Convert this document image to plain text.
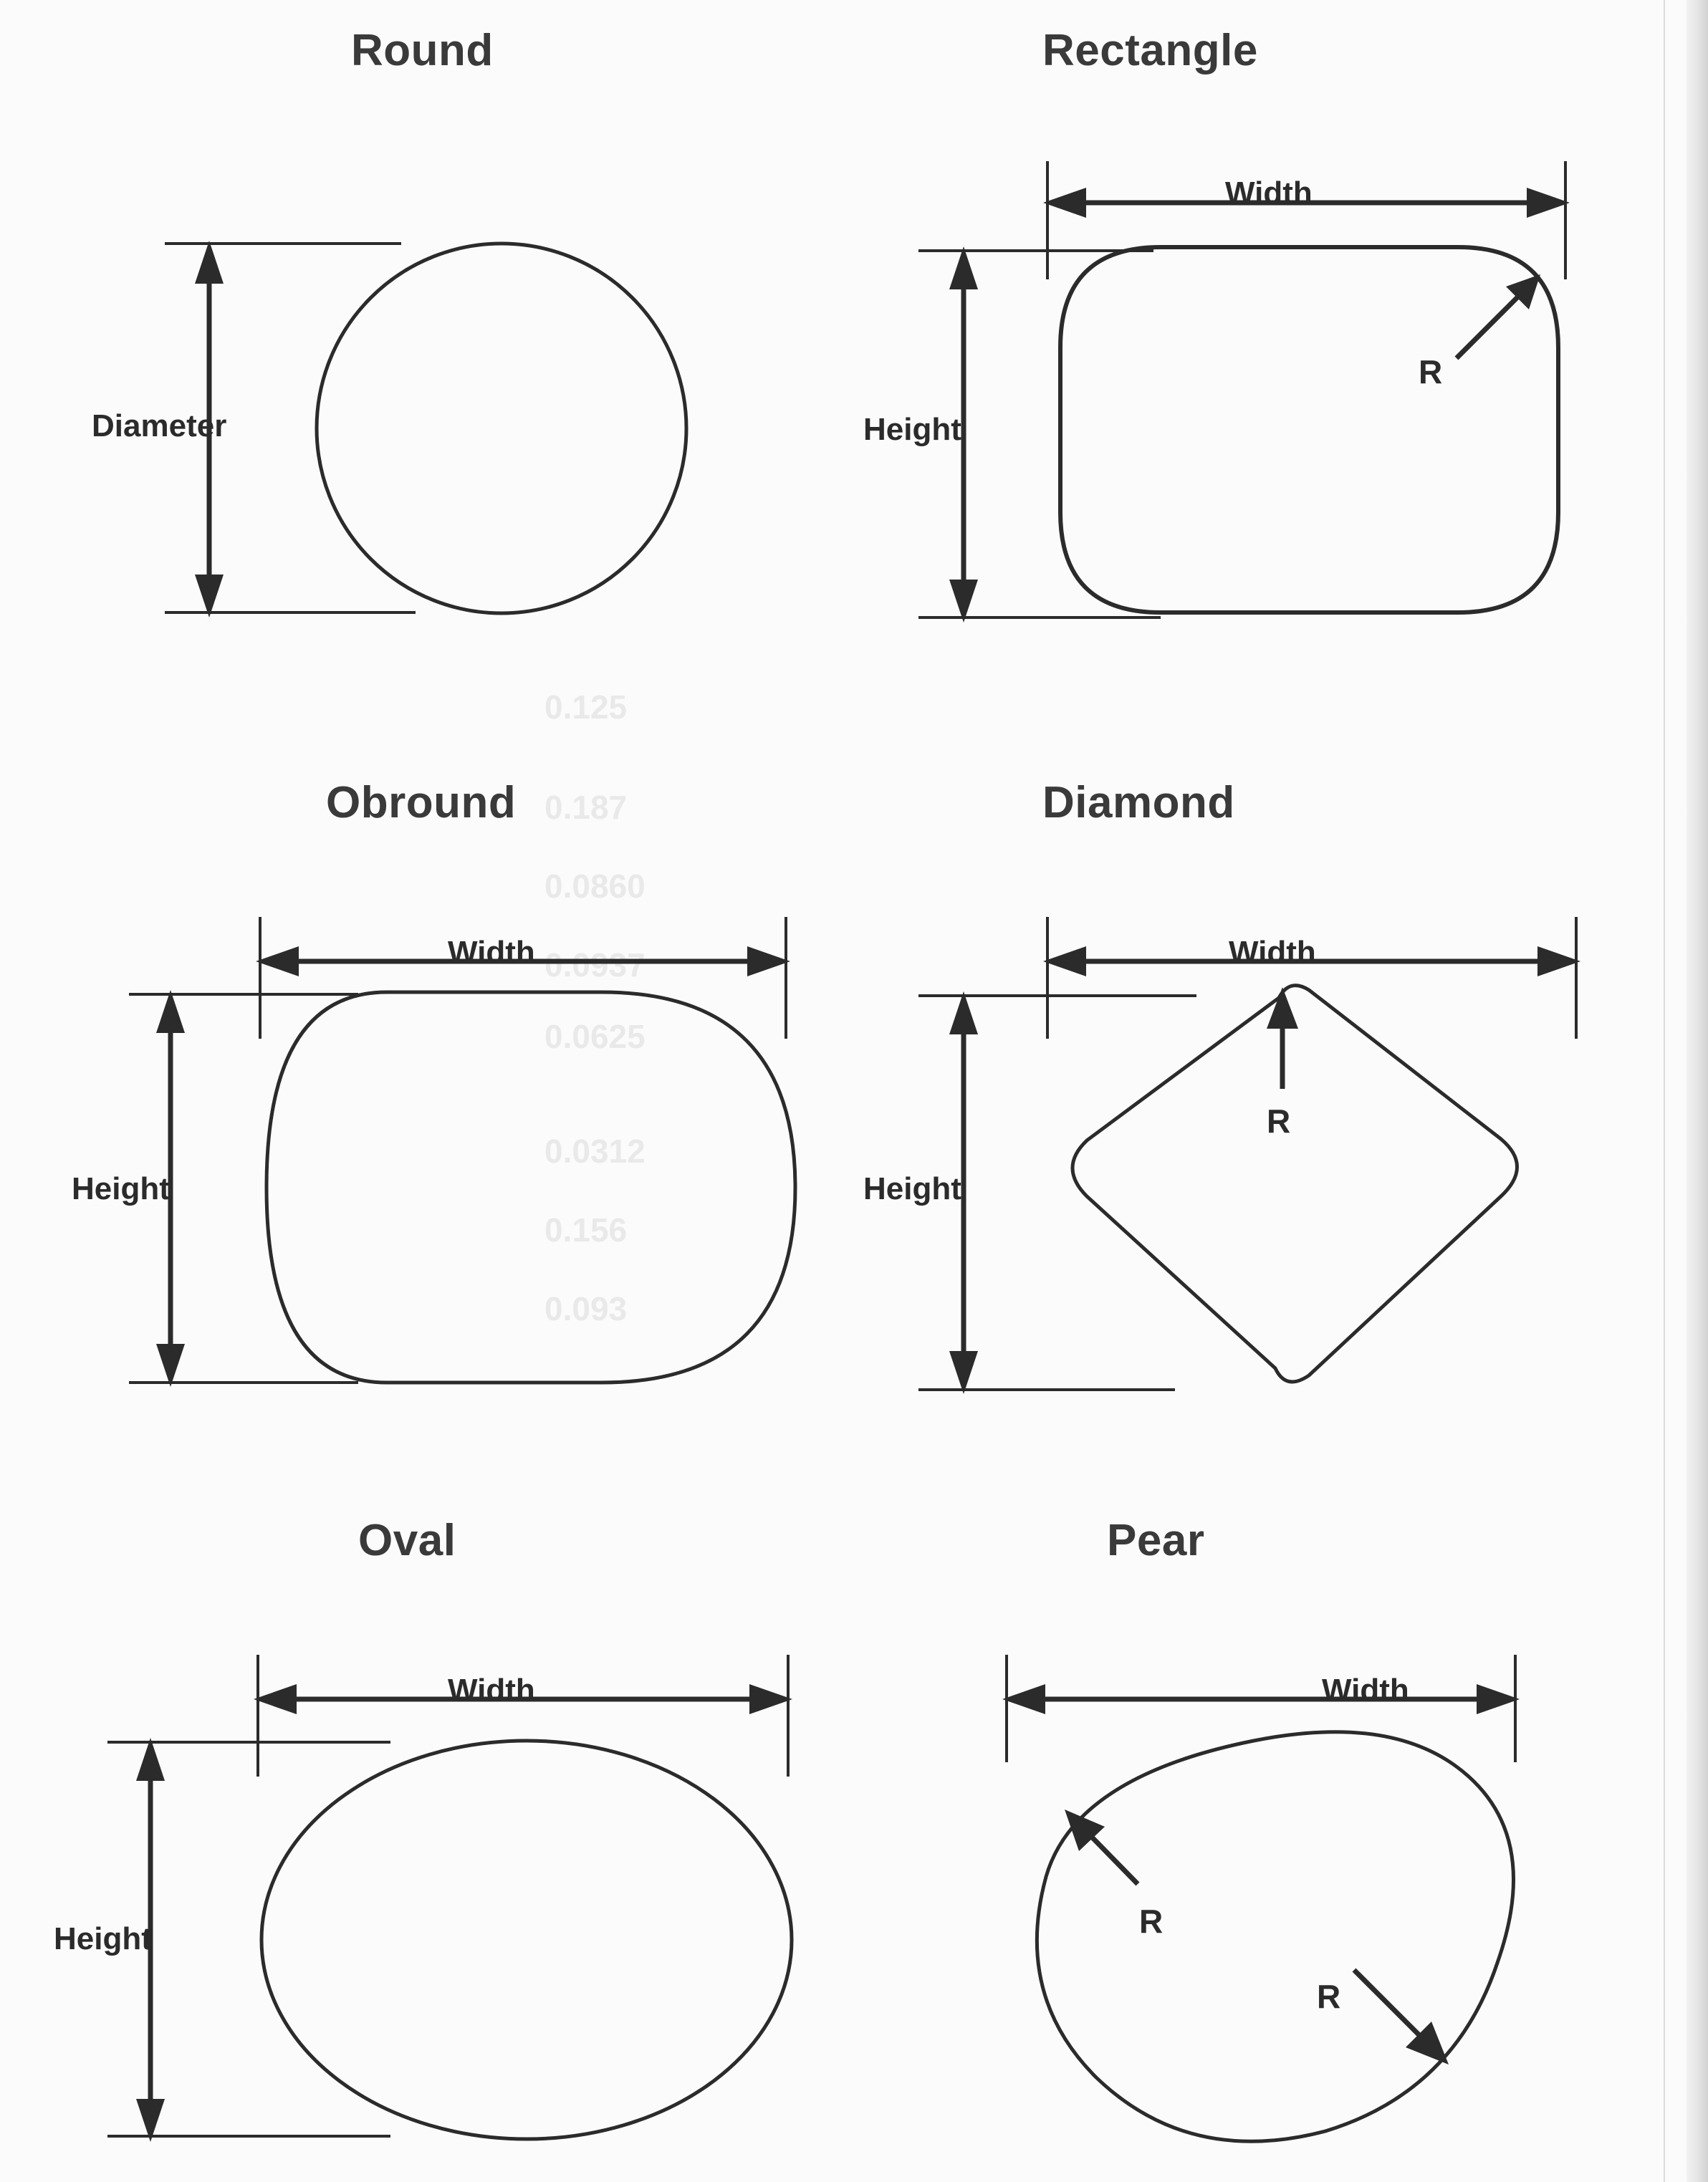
0.125
0.187
0.0860
0.0937
0.0625
0.0312
0.156
0.093
Round
Diameter
Rectangle
Width
Height
R
Obround
Width
Height
Diamond
Width
Height
R
Oval
Width
Height
Pear
Width
R
R
